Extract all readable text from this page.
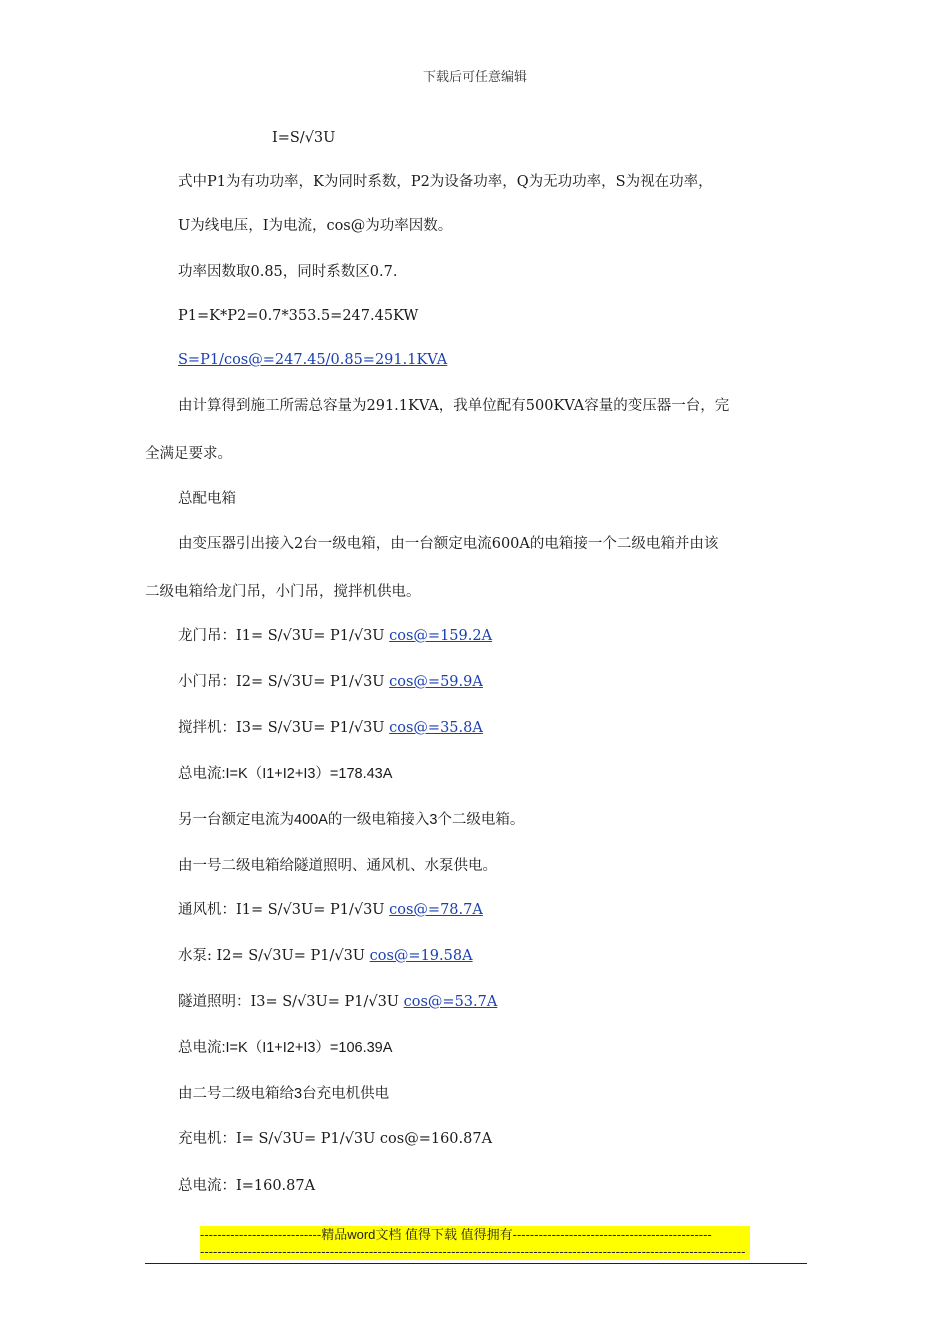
下载后可任意编辑
I=S/√3U
式中P1为有功功率，K为同时系数，P2为设备功率，Q为无功功率，S为视在功率，
U为线电压，I为电流，cos@为功率因数。
功率因数取0.85，同时系数区0.7.
P1=K*P2=0.7*353.5=247.45KW
S=P1/cos@=247.45/0.85=291.1KVA
由计算得到施工所需总容量为291.1KVA，我单位配有500KVA容量的变压器一台，完
全满足要求。
总配电箱
由变压器引出接入2台一级电箱，由一台额定电流600A的电箱接一个二级电箱并由该
二级电箱给龙门吊，小门吊，搅拌机供电。
龙门吊：I1= S/√3U= P1/√3U cos@=159.2A
小门吊：I2= S/√3U= P1/√3U cos@=59.9A
搅拌机：I3= S/√3U= P1/√3U cos@=35.8A
总电流:I=K（I1+I2+I3）=178.43A
另一台额定电流为400A的一级电箱接入3个二级电箱。
由一号二级电箱给隧道照明、通风机、水泵供电。
通风机：I1= S/√3U= P1/√3U cos@=78.7A
水泵: I2= S/√3U= P1/√3U cos@=19.58A
隧道照明：I3= S/√3U= P1/√3U cos@=53.7A
总电流:I=K（I1+I2+I3）=106.39A
由二号二级电箱给3台充电机供电
充电机：I= S/√3U= P1/√3U cos@=160.87A
总电流：I=160.87A
----------------------------精品word文档 值得下载 值得拥有----------------------------------------------
------------------------------------------------------------------------------------------------------------------------------
